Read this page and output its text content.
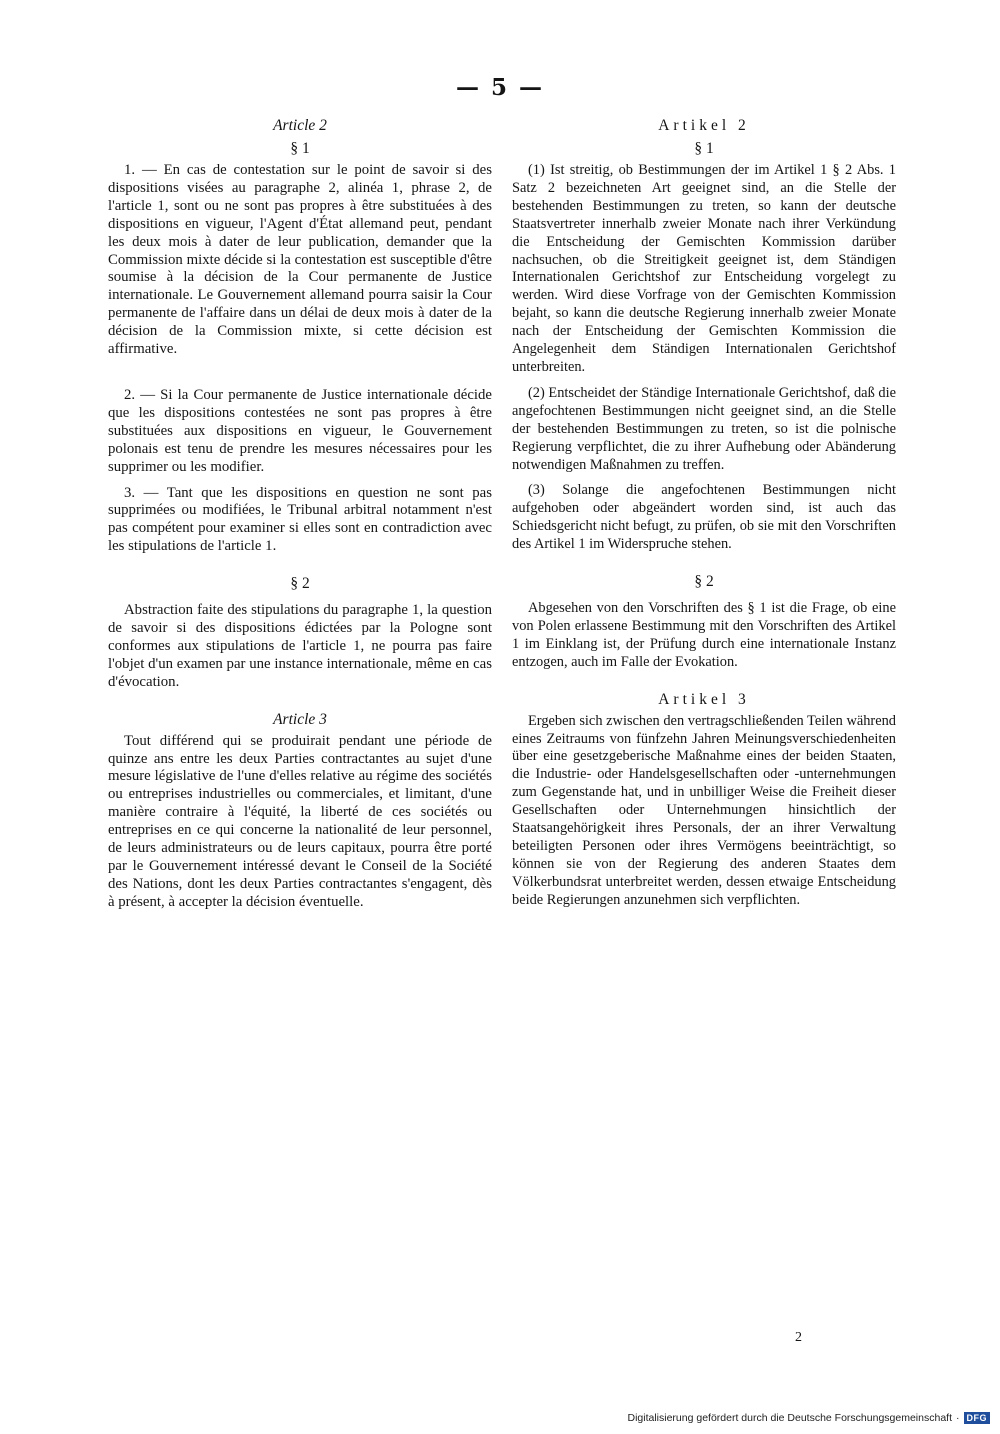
— 5 —
Article 2
§ 1

1. — En cas de contestation sur le point de savoir si des dispositions visées au paragraphe 2, alinéa 1, phrase 2, de l'article 1, sont ou ne sont pas propres à être substituées à des dispositions en vigueur, l'Agent d'État allemand peut, pendant les deux mois à dater de leur publication, demander que la Commission mixte décide si la contestation est susceptible d'être soumise à la décision de la Cour permanente de Justice internationale. Le Gouvernement allemand pourra saisir la Cour permanente de l'affaire dans un délai de deux mois à dater de la décision de la Commission mixte, si cette décision est affirmative.

2. — Si la Cour permanente de Justice internationale décide que les dispositions contestées ne sont pas propres à être substituées aux dispositions en vigueur, le Gouvernement polonais est tenu de prendre les mesures nécessaires pour les supprimer ou les modifier.

3. — Tant que les dispositions en question ne sont pas supprimées ou modifiées, le Tribunal arbitral notamment n'est pas compétent pour examiner si elles sont en contradiction avec les stipulations de l'article 1.

§ 2

Abstraction faite des stipulations du paragraphe 1, la question de savoir si des dispositions édictées par la Pologne sont conformes aux stipulations de l'article 1, ne pourra pas faire l'objet d'un examen par une instance internationale, même en cas d'évocation.

Article 3

Tout différend qui se produirait pendant une période de quinze ans entre les deux Parties contractantes au sujet d'une mesure législative de l'une d'elles relative au régime des sociétés ou entreprises industrielles ou commerciales, et limitant, d'une manière contraire à l'équité, la liberté de ces sociétés ou entreprises en ce qui concerne la nationalité de leur personnel, de leurs administrateurs ou de leurs capitaux, pourra être porté par le Gouvernement intéressé devant le Conseil de la Société des Nations, dont les deux Parties contractantes s'engagent, dès à présent, à accepter la décision éventuelle.

Artikel 2
§ 1

(1) Ist streitig, ob Bestimmungen der im Artikel 1 § 2 Abs. 1 Satz 2 bezeichneten Art geeignet sind, an die Stelle der bestehenden Bestimmungen zu treten, so kann der deutsche Staatsvertreter innerhalb zweier Monate nach ihrer Verkündung die Entscheidung der Gemischten Kommission darüber nachsuchen, ob die Streitigkeit geeignet ist, dem Ständigen Internationalen Gerichtshof zur Entscheidung vorgelegt zu werden. Wird diese Vorfrage von der Gemischten Kommission bejaht, so kann die deutsche Regierung innerhalb zweier Monate nach der Entscheidung der Gemischten Kommission die Angelegenheit dem Ständigen Internationalen Gerichtshof unterbreiten.

(2) Entscheidet der Ständige Internationale Gerichtshof, daß die angefochtenen Bestimmungen nicht geeignet sind, an die Stelle der bestehenden Bestimmungen zu treten, so ist die polnische Regierung verpflichtet, die zu ihrer Aufhebung oder Abänderung notwendigen Maßnahmen zu treffen.

(3) Solange die angefochtenen Bestimmungen nicht aufgehoben oder abgeändert worden sind, ist auch das Schiedsgericht nicht befugt, zu prüfen, ob sie mit den Vorschriften des Artikel 1 im Widerspruche stehen.

§ 2

Abgesehen von den Vorschriften des § 1 ist die Frage, ob eine von Polen erlassene Bestimmung mit den Vorschriften des Artikel 1 im Einklang ist, der Prüfung durch eine internationale Instanz entzogen, auch im Falle der Evokation.

Artikel 3

Ergeben sich zwischen den vertragschließenden Teilen während eines Zeitraums von fünfzehn Jahren Meinungsverschiedenheiten über eine gesetzgeberische Maßnahme eines der beiden Staaten, die Industrie- oder Handelsgesellschaften oder -unternehmungen zum Gegenstande hat, und in unbilliger Weise die Freiheit dieser Gesellschaften oder Unternehmungen hinsichtlich der Staatsangehörigkeit ihres Personals, der an ihrer Verwaltung beteiligten Personen oder ihres Vermögens beeinträchtigt, so können sie von der Regierung des anderen Staates dem Völkerbundsrat unterbreitet werden, dessen etwaige Entscheidung beide Regierungen anzunehmen sich verpflichten.

2
Digitalisierung gefördert durch die Deutsche Forschungsgemeinschaft · DFG
